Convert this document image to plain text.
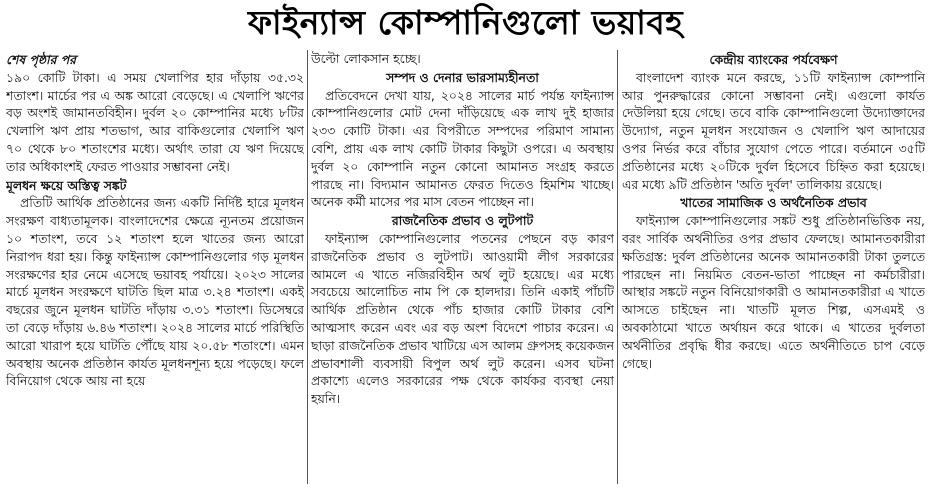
ফাইন্যান্স কোম্পানিগুলো ভয়াবহ
শেষ পৃষ্ঠার পর
১৯০ কোটি টাকা। এ সময় খেলাপির হার দাঁড়ায় ৩৫.৩২ শতাংশ। মার্চের পর এ অঙ্ক আরো বেড়েছে। এ খেলাপি ঋণের বড় অংশই জামানতবিহীন। দুর্বল ২০ কোম্পানির মধ্যে ৮টির খেলাপি ঋণ প্রায় শতভাগ, আর বাকিগুলোর খেলাপি ঋণ ৭০ থেকে ৮০ শতাংশের মধ্যে। অর্থাৎ তারা যে ঋণ দিয়েছে তার অধিকাংশই ফেরত পাওয়ার সম্ভাবনা নেই।
মূলধন ক্ষয়ে অস্তিত্ব সঙ্কট
প্রতিটি আর্থিক প্রতিষ্ঠানের জন্য একটি নির্দিষ্ট হারে মূলধন সংরক্ষণ বাধ্যতামূলক। বাংলাদেশের ক্ষেত্রে ন্যূনতম প্রয়োজন ১০ শতাংশ, তবে ১২ শতাংশ হলে খাতের জন্য আরো নিরাপদ ধরা হয়। কিন্তু ফাইন্যান্স কোম্পানিগুলোর গড় মূলধন সংরক্ষণের হার নেমে এসেছে ভয়াবহ পর্যায়ে। ২০২৩ সালের মার্চে মূলধন সংরক্ষণে ঘাটতি ছিল মাত্র ৩.২৪ শতাংশ। একই বছরের জুনে মূলধন ঘাটতি দাঁড়ায় ৩.৩১ শতাংশ। ডিসেম্বরে তা বেড়ে দাঁড়ায় ৬.৪৬ শতাংশ। ২০২৪ সালের মার্চে পরিস্থিতি আরো খারাপ হয়ে ঘাটতি পৌঁছে যায় ২০.৫৮ শতাংশে। এমন অবস্থায় অনেক প্রতিষ্ঠান কার্যত মূলধনশূন্য হয়ে পড়েছে। ফলে বিনিয়োগ থেকে আয় না হয়ে
উল্টো লোকসান হচ্ছে।
সম্পদ ও দেনার ভারসাম্যহীনতা
প্রতিবেদনে দেখা যায়, ২০২৪ সালের মার্চ পর্যন্ত ফাইন্যান্স কোম্পানিগুলোর মোট দেনা দাঁড়িয়েছে এক লাখ দুই হাজার ২৩৩ কোটি টাকা। এর বিপরীতে সম্পদের পরিমাণ সামান্য বেশি, প্রায় এক লাখ কোটি টাকার কিছুটা ওপরে। এ অবস্থায় দুর্বল ২০ কোম্পানি নতুন কোনো আমানত সংগ্রহ করতে পারছে না। বিদ্যমান আমানত ফেরত দিতেও হিমশিম খাচ্ছে। অনেক কর্মী মাসের পর মাস বেতন পাচ্ছেন না।
রাজনৈতিক প্রভাব ও লুটপাট
ফাইন্যান্স কোম্পানিগুলোর পতনের পেছনে বড় কারণ রাজনৈতিক প্রভাব ও লুটপাট। আওয়ামী লীগ সরকারের আমলে এ খাতে নজিরবিহীন অর্থ লুট হয়েছে। এর মধ্যে সবচেয়ে আলোচিত নাম পি কে হালদার। তিনি একাই পাঁচটি আর্থিক প্রতিষ্ঠান থেকে পাঁচ হাজার কোটি টাকার বেশি আত্মসাৎ করেন এবং এর বড় অংশ বিদেশে পাচার করেন। এ ছাড়া রাজনৈতিক প্রভাব খাটিয়ে এস আলম গ্রুপসহ কয়েকজন প্রভাবশালী ব্যবসায়ী বিপুল অর্থ লুট করেন। এসব ঘটনা প্রকাশ্যে এলেও সরকারের পক্ষ থেকে কার্যকর ব্যবস্থা নেয়া হয়নি।
কেন্দ্রীয় ব্যাংকের পর্যবেক্ষণ
বাংলাদেশ ব্যাংক মনে করছে, ১১টি ফাইন্যান্স কোম্পানি আর পুনরুদ্ধারের কোনো সম্ভাবনা নেই। এগুলো কার্যত দেউলিয়া হয়ে গেছে। তবে বাকি কোম্পানিগুলো উদ্যোক্তাদের উদ্যোগ, নতুন মূলধন সংযোজন ও খেলাপি ঋণ আদায়ের ওপর নির্ভর করে বাঁচার সুযোগ পেতে পারে। বর্তমানে ৩৫টি প্রতিষ্ঠানের মধ্যে ২০টিকে দুর্বল হিসেবে চিহ্নিত করা হয়েছে। এর মধ্যে ৯টি প্রতিষ্ঠান 'অতি দুর্বল' তালিকায় রয়েছে।
খাতের সামাজিক ও অর্থনৈতিক প্রভাব
ফাইন্যান্স কোম্পানিগুলোর সঙ্কট শুধু প্রতিষ্ঠানভিত্তিক নয়, বরং সার্বিক অর্থনীতির ওপর প্রভাব ফেলছে। আমানতকারীরা ক্ষতিগ্রস্ত: দুর্বল প্রতিষ্ঠানের অনেক আমানতকারী টাকা তুলতে পারছেন না। নিয়মিত বেতন-ভাতা পাচ্ছেন না কর্মচারীরা। আস্থার সঙ্কটে নতুন বিনিয়োগকারী ও আমানতকারীরা এ খাতে আসতে চাইছেন না। খাতটি মূলত শিল্প, এসএমই ও অবকাঠামো খাতে অর্থায়ন করে থাকে। এ খাতের দুর্বলতা অর্থনীতির প্রবৃদ্ধি ধীর করছে। এতে অর্থনীতিতে চাপ বেড়ে গেছে।
